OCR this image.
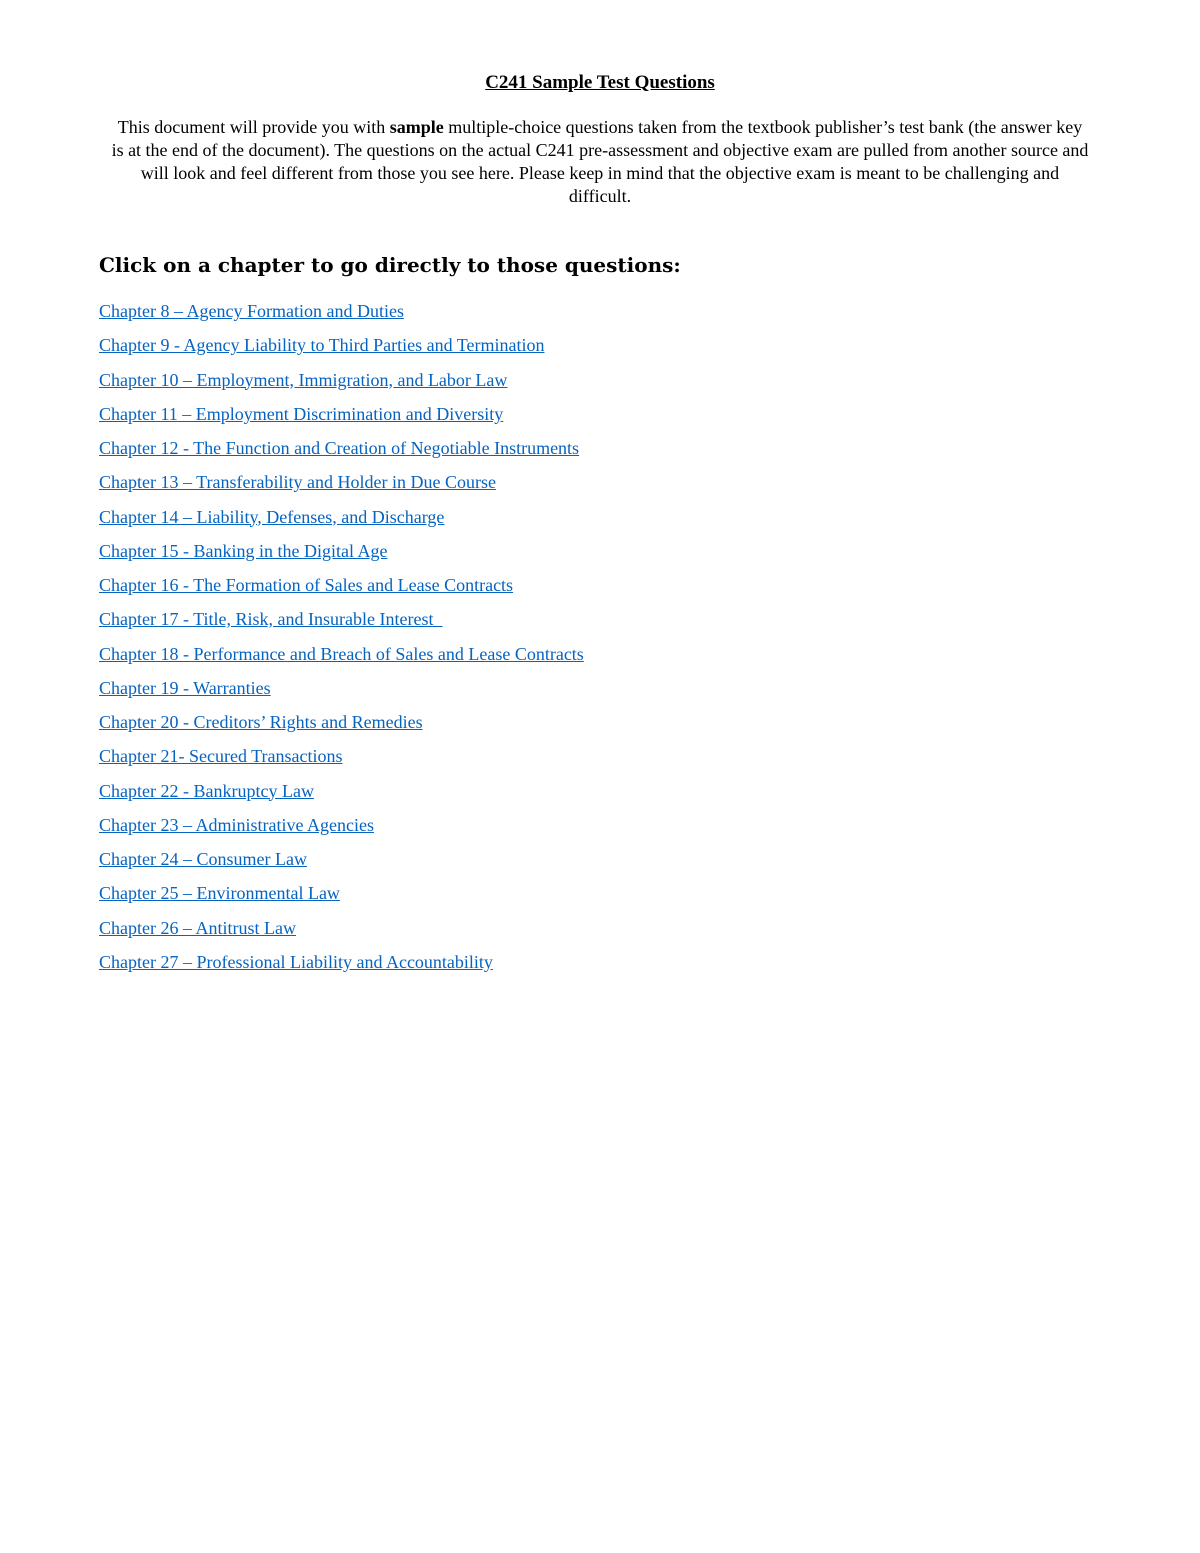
C241 Sample Test Questions

This document will provide you with sample multiple-choice questions taken from the textbook publisher’s test bank (the answer key is at the end of the document). The questions on the actual C241 pre-assessment and objective exam are pulled from another source and will look and feel different from those you see here. Please keep in mind that the objective exam is meant to be challenging and difficult.

Click on a chapter to go directly to those questions:
Chapter 8 – Agency Formation and Duties
Chapter 9 - Agency Liability to Third Parties and Termination
Chapter 10 – Employment, Immigration, and Labor Law
Chapter 11 – Employment Discrimination and Diversity
Chapter 12 - The Function and Creation of Negotiable Instruments
Chapter 13 – Transferability and Holder in Due Course
Chapter 14 – Liability, Defenses, and Discharge
Chapter 15 - Banking in the Digital Age
Chapter 16 - The Formation of Sales and Lease Contracts
Chapter 17 - Title, Risk, and Insurable Interest
Chapter 18 - Performance and Breach of Sales and Lease Contracts
Chapter 19 - Warranties
Chapter 20 - Creditors’ Rights and Remedies
Chapter 21- Secured Transactions
Chapter 22 - Bankruptcy Law
Chapter 23 – Administrative Agencies
Chapter 24 – Consumer Law
Chapter 25 – Environmental Law
Chapter 26 – Antitrust Law
Chapter 27 – Professional Liability and Accountability
